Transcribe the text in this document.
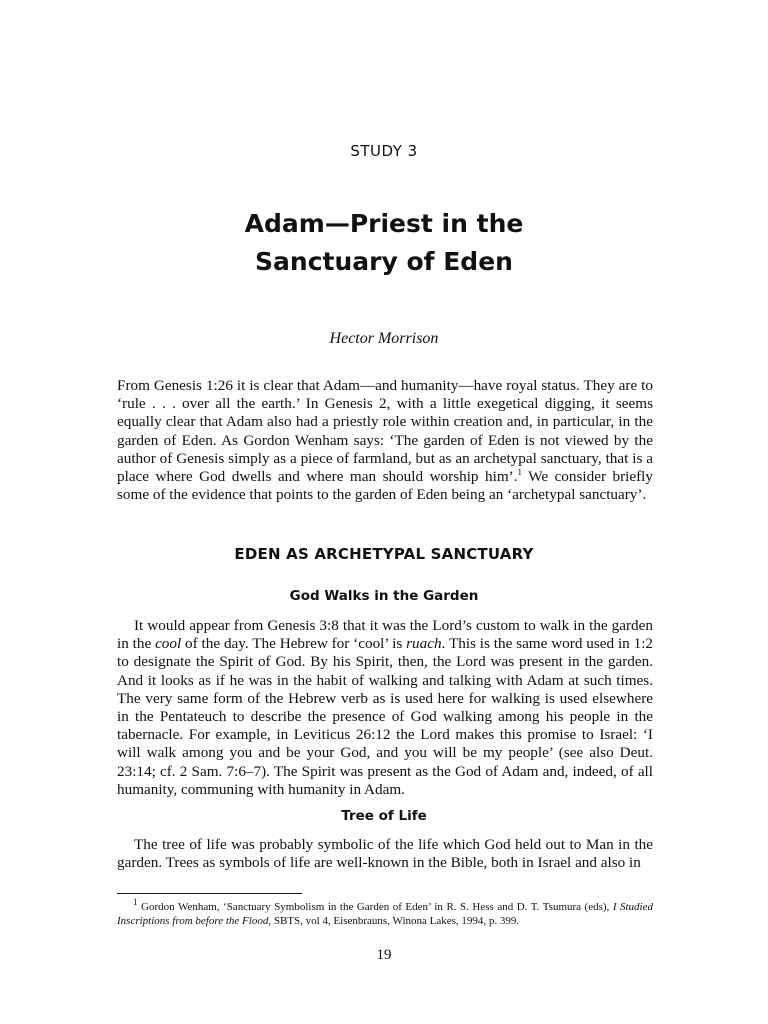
STUDY 3
Adam—Priest in the
Sanctuary of Eden
Hector Morrison

From Genesis 1:26 it is clear that Adam—and humanity—have royal status. They are to ‘rule . . . over all the earth.’ In Genesis 2, with a little exegetical digging, it seems equally clear that Adam also had a priestly role within creation and, in particular, in the garden of Eden. As Gordon Wenham says: ‘The garden of Eden is not viewed by the author of Genesis simply as a piece of farmland, but as an archetypal sanctuary, that is a place where God dwells and where man should worship him’.$^1$ We consider briefly some of the evidence that points to the garden of Eden being an ‘archetypal sanctuary’.

EDEN AS ARCHETYPAL SANCTUARY
God Walks in the Garden

It would appear from Genesis 3:8 that it was the Lord’s custom to walk in the garden in the cool of the day. The Hebrew for ‘cool’ is ruach. This is the same word used in 1:2 to designate the Spirit of God. By his Spirit, then, the Lord was present in the garden. And it looks as if he was in the habit of walking and talking with Adam at such times. The very same form of the Hebrew verb as is used here for walking is used elsewhere in the Pentateuch to describe the presence of God walking among his people in the tabernacle. For example, in Leviticus 26:12 the Lord makes this promise to Israel: ‘I will walk among you and be your God, and you will be my people’ (see also Deut. 23:14; cf. 2 Sam. 7:6–7). The Spirit was present as the God of Adam and, indeed, of all humanity, communing with humanity in Adam.

Tree of Life

The tree of life was probably symbolic of the life which God held out to Man in the garden. Trees as symbols of life are well-known in the Bible, both in Israel and also in

$^1$ Gordon Wenham, ‘Sanctuary Symbolism in the Garden of Eden’ in R. S. Hess and D. T. Tsumura (eds), I Studied Inscriptions from before the Flood, SBTS, vol 4, Eisenbrauns, Winona Lakes, 1994, p. 399.

19
